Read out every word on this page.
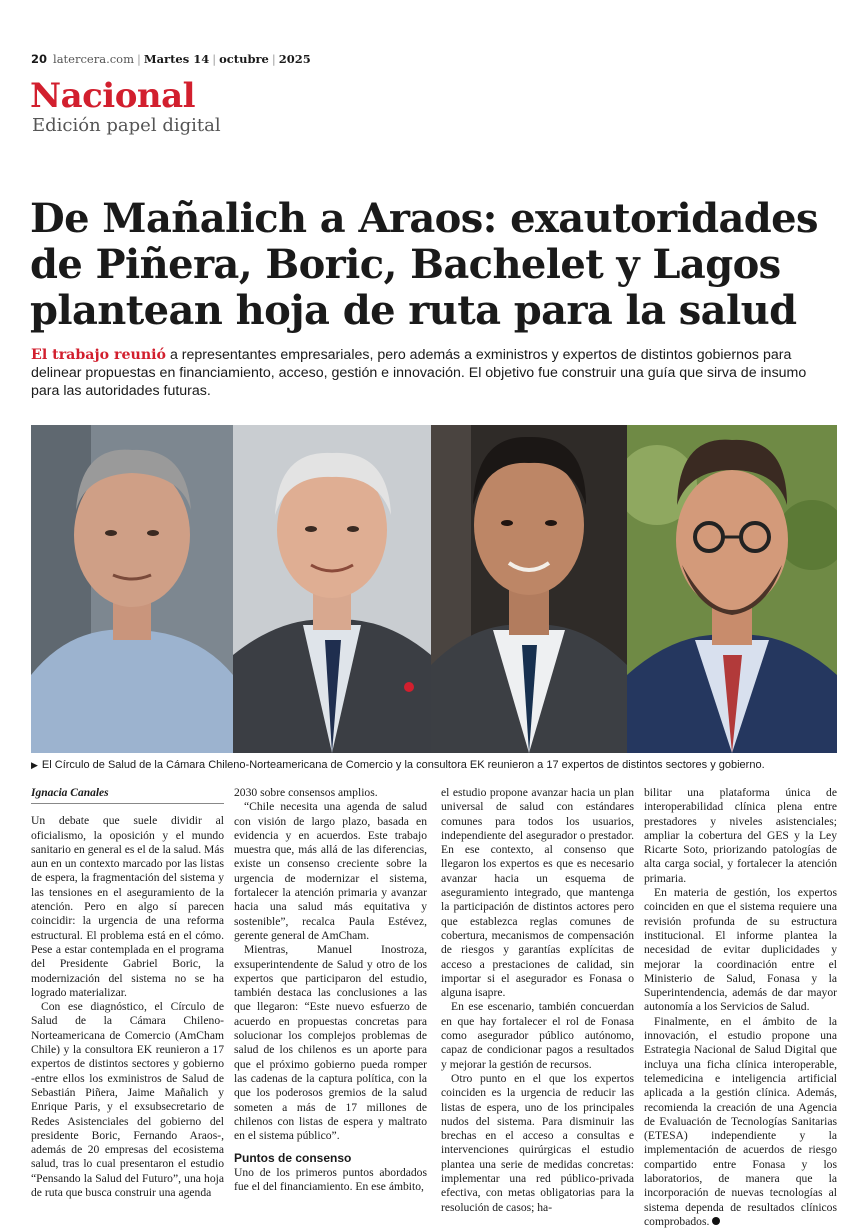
20 latercera.com | Martes 14 | octubre | 2025
Nacional
Edición papel digital
De Mañalich a Araos: exautoridades de Piñera, Boric, Bachelet y Lagos plantean hoja de ruta para la salud

El trabajo reunió a representantes empresariales, pero además a exministros y expertos de distintos gobiernos para delinear propuestas en financiamiento, acceso, gestión e innovación. El objetivo fue construir una guía que sirva de insumo para las autoridades futuras.

▶ El Círculo de Salud de la Cámara Chileno-Norteamericana de Comercio y la consultora EK reunieron a 17 expertos de distintos sectores y gobierno.
Ignacia Canales

Un debate que suele dividir al oficialismo, la oposición y el mundo sanitario en general es el de la salud. Más aun en un contexto marcado por las listas de espera, la fragmentación del sistema y las tensiones en el aseguramiento de la atención. Pero en algo sí parecen coincidir: la urgencia de una reforma estructural. El problema está en el cómo. Pese a estar contemplada en el programa del Presidente Gabriel Boric, la modernización del sistema no se ha logrado materializar.

Con ese diagnóstico, el Círculo de Salud de la Cámara Chileno-Norteamericana de Comercio (AmCham Chile) y la consultora EK reunieron a 17 expertos de distintos sectores y gobierno -entre ellos los exministros de Salud de Sebastián Piñera, Jaime Mañalich y Enrique Paris, y el exsubsecretario de Redes Asistenciales del gobierno del presidente Boric, Fernando Araos-, además de 20 empresas del ecosistema salud, tras lo cual presentaron el estudio “Pensando la Salud del Futuro”, una hoja de ruta que busca construir una agenda

2030 sobre consensos amplios.

“Chile necesita una agenda de salud con visión de largo plazo, basada en evidencia y en acuerdos. Este trabajo muestra que, más allá de las diferencias, existe un consenso creciente sobre la urgencia de modernizar el sistema, fortalecer la atención primaria y avanzar hacia una salud más equitativa y sostenible”, recalca Paula Estévez, gerente general de AmCham.

Mientras, Manuel Inostroza, exsuperintendente de Salud y otro de los expertos que participaron del estudio, también destaca las conclusiones a las que llegaron: “Este nuevo esfuerzo de acuerdo en propuestas concretas para solucionar los complejos problemas de salud de los chilenos es un aporte para que el próximo gobierno pueda romper las cadenas de la captura política, con la que los poderosos gremios de la salud someten a más de 17 millones de chilenos con listas de espera y maltrato en el sistema público”.

Puntos de consenso

Uno de los primeros puntos abordados fue el del financiamiento. En ese ámbito,

el estudio propone avanzar hacia un plan universal de salud con estándares comunes para todos los usuarios, independiente del asegurador o prestador. En ese contexto, al consenso que llegaron los expertos es que es necesario avanzar hacia un esquema de aseguramiento integrado, que mantenga la participación de distintos actores pero que establezca reglas comunes de cobertura, mecanismos de compensación de riesgos y garantías explícitas de acceso a prestaciones de calidad, sin importar si el asegurador es Fonasa o alguna isapre.

En ese escenario, también concuerdan en que hay fortalecer el rol de Fonasa como asegurador público autónomo, capaz de condicionar pagos a resultados y mejorar la gestión de recursos.

Otro punto en el que los expertos coinciden es la urgencia de reducir las listas de espera, uno de los principales nudos del sistema. Para disminuir las brechas en el acceso a consultas e intervenciones quirúrgicas el estudio plantea una serie de medidas concretas: implementar una red público-privada efectiva, con metas obligatorias para la resolución de casos; ha-

bilitar una plataforma única de interoperabilidad clínica plena entre prestadores y niveles asistenciales; ampliar la cobertura del GES y la Ley Ricarte Soto, priorizando patologías de alta carga social, y fortalecer la atención primaria.

En materia de gestión, los expertos coinciden en que el sistema requiere una revisión profunda de su estructura institucional. El informe plantea la necesidad de evitar duplicidades y mejorar la coordinación entre el Ministerio de Salud, Fonasa y la Superintendencia, además de dar mayor autonomía a los Servicios de Salud.

Finalmente, en el ámbito de la innovación, el estudio propone una Estrategia Nacional de Salud Digital que incluya una ficha clínica interoperable, telemedicina e inteligencia artificial aplicada a la gestión clínica. Además, recomienda la creación de una Agencia de Evaluación de Tecnologías Sanitarias (ETESA) independiente y la implementación de acuerdos de riesgo compartido entre Fonasa y los laboratorios, de manera que la incorporación de nuevas tecnologías al sistema dependa de resultados clínicos comprobados.
